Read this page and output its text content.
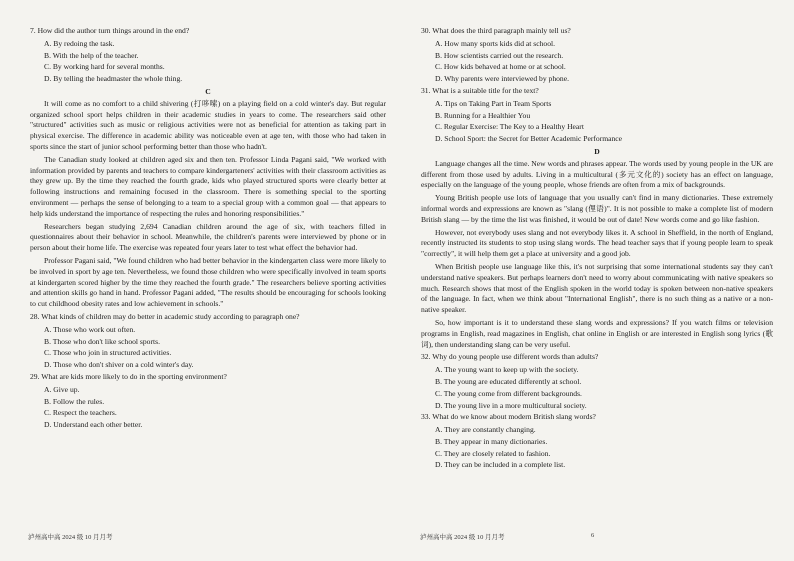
7. How did the author turn things around in the end?
A. By redoing the task.
B. With the help of the teacher.
C. By working hard for several months.
D. By telling the headmaster the whole thing.
C

It will come as no comfort to a child shivering (打哆嗦) on a playing field on a cold winter's day. But regular organized school sport helps children in their academic studies in years to come. The researchers said other "structured" activities such as music or religious activities were not as beneficial for attention as taking part in physical exercise. The difference in academic ability was noticeable even at age ten, with those who had taken in sports since the start of junior school performing better than those who hadn't.

The Canadian study looked at children aged six and then ten. Professor Linda Pagani said, "We worked with information provided by parents and teachers to compare kindergarteners' activities with their classroom activities as they grew up. By the time they reached the fourth grade, kids who played structured sports were clearly better at following instructions and remaining focused in the classroom. There is something special to the sporting environment — perhaps the sense of belonging to a team to a special group with a common goal — that appears to help kids understand the importance of respecting the rules and honoring responsibilities."

Researchers began studying 2,694 Canadian children around the age of six, with teachers filled in questionnaires about their behavior in school. Meanwhile, the children's parents were interviewed by phone or in person about their home life. The exercise was repeated four years later to test what effect the behavior had.

Professor Pagani said, "We found children who had better behavior in the kindergarten class were more likely to be involved in sport by age ten. Nevertheless, we found those children who were specifically involved in team sports at kindergarten scored higher by the time they reached the fourth grade." The researchers believe sporting activities and attention skills go hand in hand. Professor Pagani added, "The results should be encouraging for schools looking to cut childhood obesity rates and low achievement in schools."

28. What kinds of children may do better in academic study according to paragraph one?
A. Those who work out often.
B. Those who don't like school sports.
C. Those who join in structured activities.
D. Those who don't shiver on a cold winter's day.
29. What are kids more likely to do in the sporting environment?
A. Give up.
B. Follow the rules.
C. Respect the teachers.
D. Understand each other better.
30. What does the third paragraph mainly tell us?
A. How many sports kids did at school.
B. How scientists carried out the research.
C. How kids behaved at home or at school.
D. Why parents were interviewed by phone.
31. What is a suitable title for the text?
A. Tips on Taking Part in Team Sports
B. Running for a Healthier You
C. Regular Exercise: The Key to a Healthy Heart
D. School Sport: the Secret for Better Academic Performance
D

Language changes all the time. New words and phrases appear. The words used by young people in the UK are different from those used by adults. Living in a multicultural (多元文化的) society has an effect on language, especially on the language of the young people, whose friends are often from a mix of backgrounds.

Young British people use lots of language that you usually can't find in many dictionaries. These extremely informal words and expressions are known as "slang (俚语)". It is not possible to make a complete list of modern British slang — by the time the list was finished, it would be out of date! New words come and go like fashion.

However, not everybody uses slang and not everybody likes it. A school in Sheffield, in the north of England, recently instructed its students to stop using slang words. The head teacher says that if young people learn to speak "correctly", it will help them get a place at university and a good job.

When British people use language like this, it's not surprising that some international students say they can't understand native speakers. But perhaps learners don't need to worry about communicating with native speakers so much. Research shows that most of the English spoken in the world today is spoken between non-native speakers of the language. In fact, when we think about "International English", there is no such thing as a native or a non-native speaker.

So, how important is it to understand these slang words and expressions? If you watch films or television programs in English, read magazines in English, chat online in English or are interested in English song lyrics (歌词), then understanding slang can be very useful.

32. Why do young people use different words than adults?
A. The young want to keep up with the society.
B. The young are educated differently at school.
C. The young come from different backgrounds.
D. The young live in a more multicultural society.
33. What do we know about modern British slang words?
A. They are constantly changing.
B. They appear in many dictionaries.
C. They are closely related to fashion.
D. They can be included in a complete list.
泸州高中高 2024 级 10 月月考	泸州高中高 2024 级 10 月月考	6
